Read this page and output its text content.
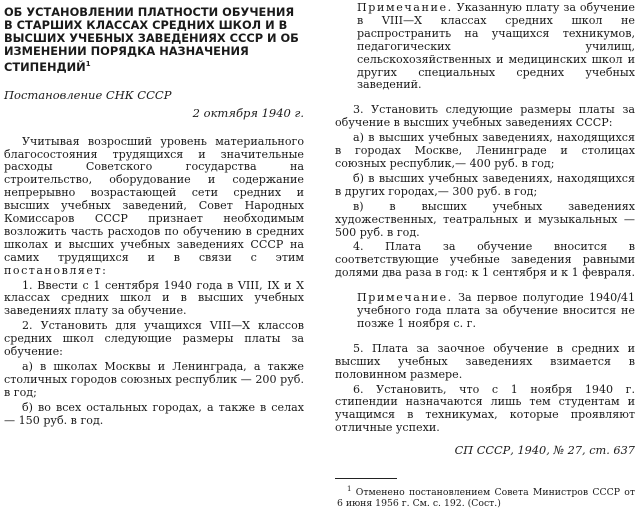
ОБ УСТАНОВЛЕНИИ ПЛАТНОСТИ ОБУЧЕНИЯ В СТАРШИХ КЛАССАХ СРЕДНИХ ШКОЛ И В ВЫСШИХ УЧЕБНЫХ ЗАВЕДЕНИЯХ СССР И ОБ ИЗМЕНЕНИИ ПОРЯДКА НАЗНАЧЕНИЯ СТИПЕНДИЙ$^1$

Постановление СНК СССР

2 октября 1940 г.

Учитывая возросший уровень материального благосостояния трудящихся и значительные расходы Советского государства на строительство, оборудование и содержание непрерывно возрастающей сети средних и высших учебных заведений, Совет Народных Комиссаров СССР признает необходимым возложить часть расходов по обучению в средних школах и высших учебных заведениях СССР на самих трудящихся и в связи с этим постановляет:

1. Ввести с 1 сентября 1940 года в VIII, IX и X классах средних школ и в высших учебных заведениях плату за обучение.

2. Установить для учащихся VIII—X классов средних школ следующие размеры платы за обучение:

а) в школах Москвы и Ленинграда, а также столичных городов союзных республик — 200 руб. в год;

б) во всех остальных городах, а также в селах — 150 руб. в год.

Примечание. Указанную плату за обучение в VIII—X классах средних школ не распространить на учащихся техникумов, педагогических училищ, сельскохозяйственных и медицинских школ и других специальных средних учебных заведений.

3. Установить следующие размеры платы за обучение в высших учебных заведениях СССР:

а) в высших учебных заведениях, находящихся в городах Москве, Ленинграде и столицах союзных республик,— 400 руб. в год;

б) в высших учебных заведениях, находящихся в других городах,— 300 руб. в год;

в) в высших учебных заведениях художественных, театральных и музыкальных — 500 руб. в год.

4. Плата за обучение вносится в соответствующие учебные заведения равными долями два раза в год: к 1 сентября и к 1 февраля.

Примечание. За первое полугодие 1940/41 учебного года плата за обучение вносится не позже 1 ноября с. г.

5. Плата за заочное обучение в средних и высших учебных заведениях взимается в половинном размере.

6. Установить, что с 1 ноября 1940 г. стипендии назначаются лишь тем студентам и учащимся в техникумах, которые проявляют отличные успехи.

СП СССР, 1940, № 27, ст. 637

$^1$ Отменено постановлением Совета Министров СССР от 6 июня 1956 г. См. с. 192. (Сост.)
